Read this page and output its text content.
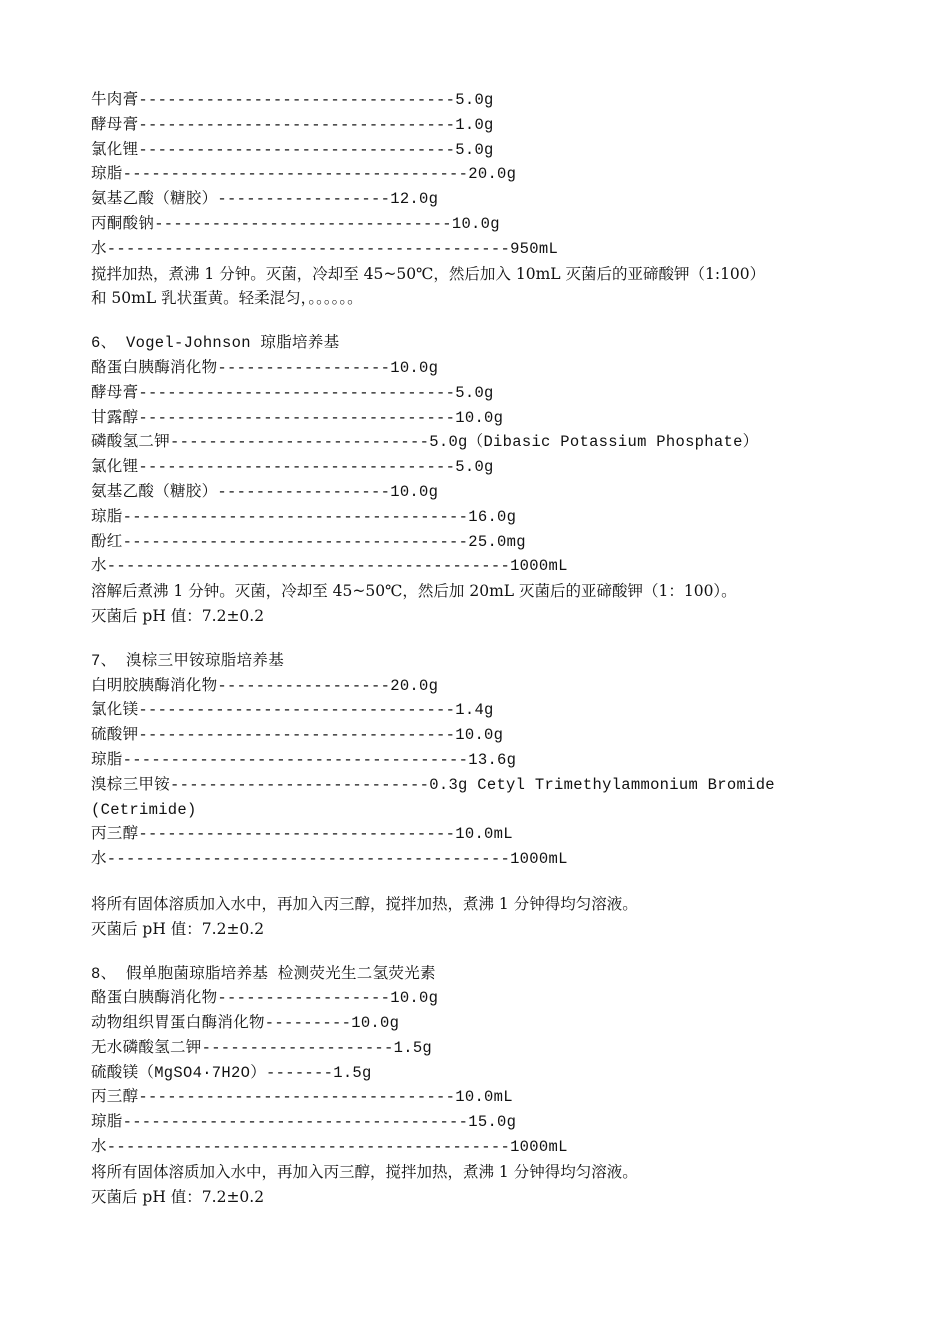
牛肉膏---------------------------------5.0g
酵母膏---------------------------------1.0g
氯化锂---------------------------------5.0g
琼脂------------------------------------20.0g
氨基乙酸（糖胶）------------------12.0g
丙酮酸钠-------------------------------10.0g
水------------------------------------------950mL
搅拌加热，煮沸 1 分钟。灭菌，冷却至 45~50℃，然后加入 10mL 灭菌后的亚碲酸钾（1:100）
和 50mL 乳状蛋黄。轻柔混匀，。。。。。。
6、 Vogel-Johnson 琼脂培养基
酪蛋白胰酶消化物------------------10.0g
酵母膏---------------------------------5.0g
甘露醇---------------------------------10.0g
磷酸氢二钾---------------------------5.0g（Dibasic Potassium Phosphate）
氯化锂---------------------------------5.0g
氨基乙酸（糖胶）------------------10.0g
琼脂------------------------------------16.0g
酚红------------------------------------25.0mg
水------------------------------------------1000mL
溶解后煮沸 1 分钟。灭菌，冷却至 45~50℃，然后加 20mL 灭菌后的亚碲酸钾（1：100）。
灭菌后 pH 值：7.2±0.2
7、 溴棕三甲铵琼脂培养基
白明胶胰酶消化物------------------20.0g
氯化镁---------------------------------1.4g
硫酸钾---------------------------------10.0g
琼脂------------------------------------13.6g
溴棕三甲铵---------------------------0.3g Cetyl Trimethylammonium Bromide
(Cetrimide)
丙三醇---------------------------------10.0mL
水------------------------------------------1000mL
将所有固体溶质加入水中，再加入丙三醇，搅拌加热，煮沸 1 分钟得均匀溶液。
灭菌后 pH 值：7.2±0.2
8、 假单胞菌琼脂培养基 检测荧光生二氢荧光素
酪蛋白胰酶消化物------------------10.0g
动物组织胃蛋白酶消化物---------10.0g
无水磷酸氢二钾--------------------1.5g
硫酸镁（MgSO4·7H2O）-------1.5g
丙三醇---------------------------------10.0mL
琼脂------------------------------------15.0g
水------------------------------------------1000mL
将所有固体溶质加入水中，再加入丙三醇，搅拌加热，煮沸 1 分钟得均匀溶液。
灭菌后 pH 值：7.2±0.2
